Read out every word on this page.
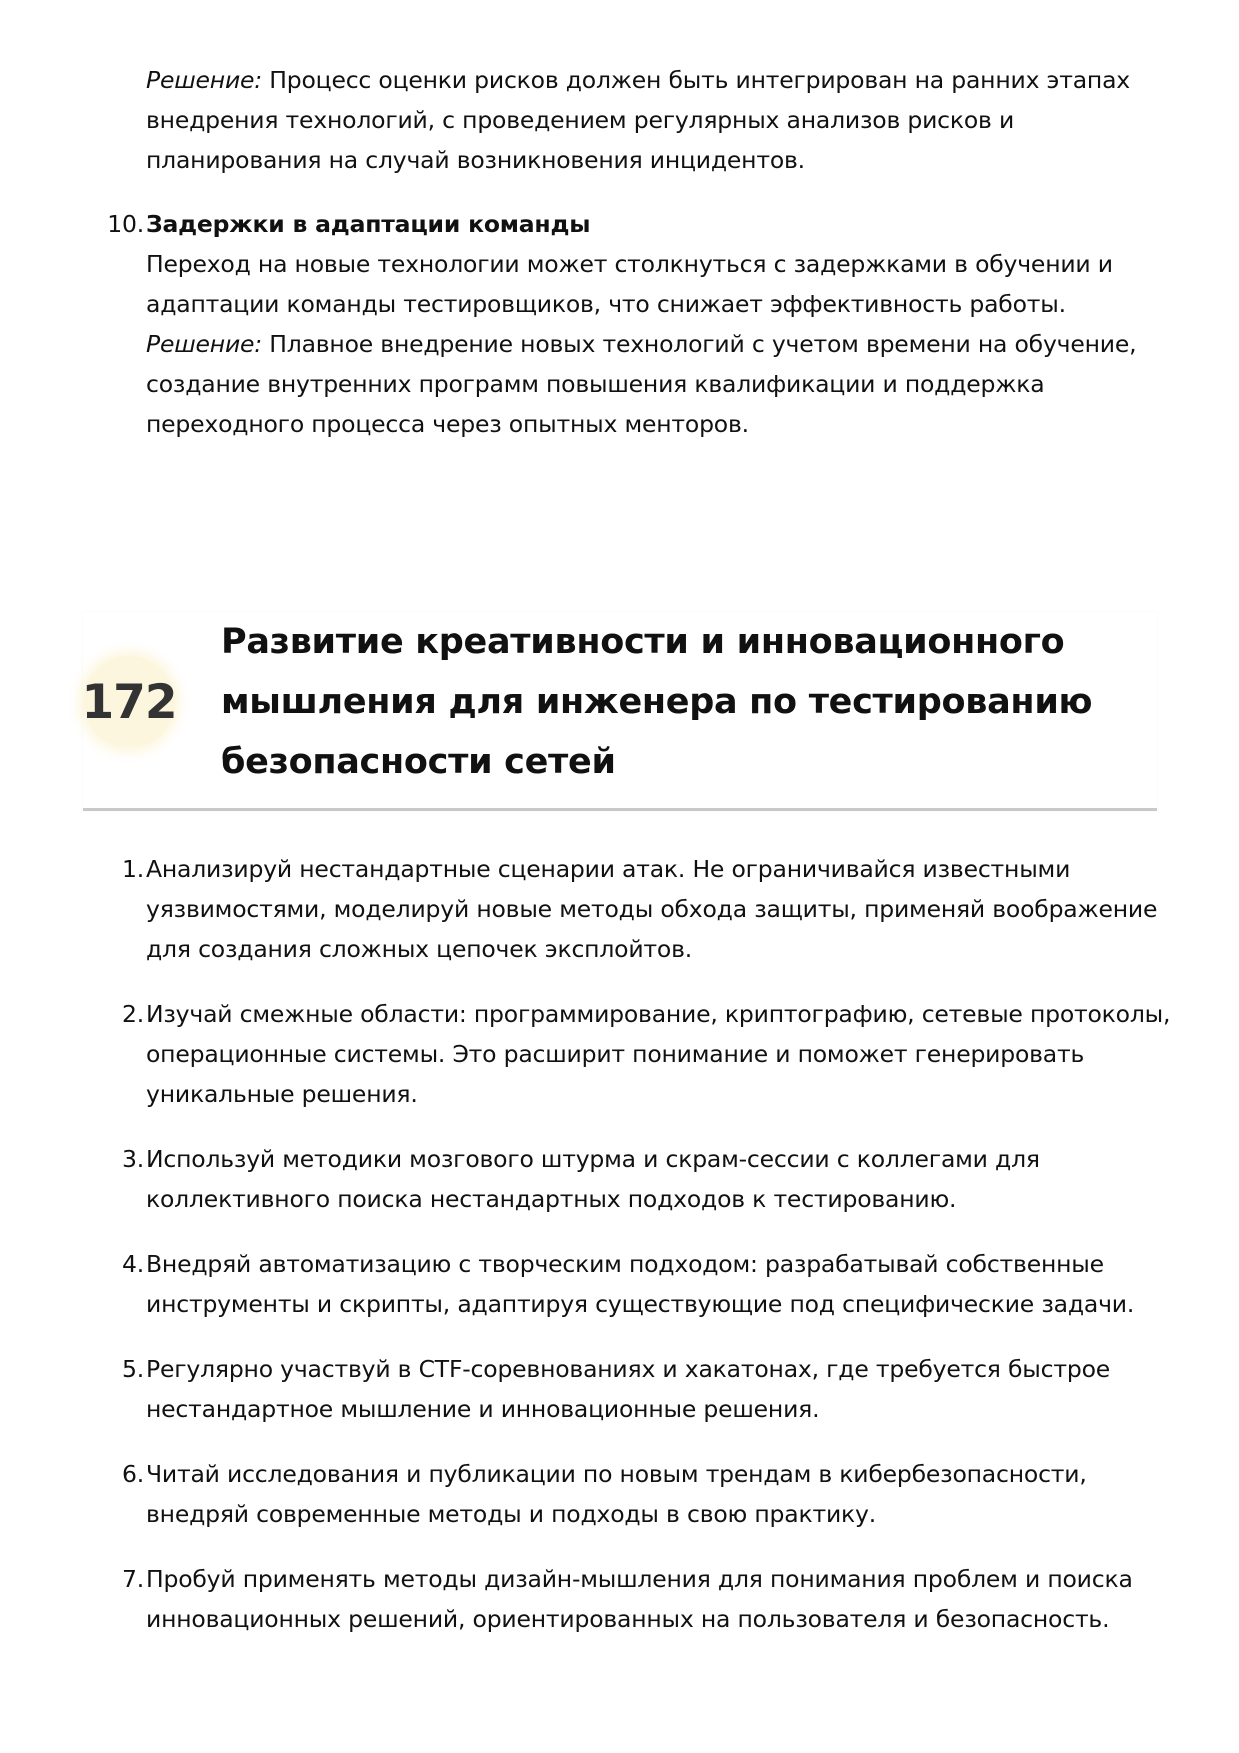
Решение: Процесс оценки рисков должен быть интегрирован на ранних этапах внедрения технологий, с проведением регулярных анализов рисков и планирования на случай возникновения инцидентов.

10. Задержки в адаптации команды

Переход на новые технологии может столкнуться с задержками в обучении и адаптации команды тестировщиков, что снижает эффективность работы.

Решение: Плавное внедрение новых технологий с учетом времени на обучение, создание внутренних программ повышения квалификации и поддержка переходного процесса через опытных менторов.

172
Развитие креативности и инновационного мышления для инженера по тестированию безопасности сетей
1. Анализируй нестандартные сценарии атак. Не ограничивайся известными уязвимостями, моделируй новые методы обхода защиты, применяй воображение для создания сложных цепочек эксплойтов.
2. Изучай смежные области: программирование, криптографию, сетевые протоколы, операционные системы. Это расширит понимание и поможет генерировать уникальные решения.
3. Используй методики мозгового штурма и скрам-сессии с коллегами для коллективного поиска нестандартных подходов к тестированию.
4. Внедряй автоматизацию с творческим подходом: разрабатывай собственные инструменты и скрипты, адаптируя существующие под специфические задачи.
5. Регулярно участвуй в CTF-соревнованиях и хакатонах, где требуется быстрое нестандартное мышление и инновационные решения.
6. Читай исследования и публикации по новым трендам в кибербезопасности, внедряй современные методы и подходы в свою практику.
7. Пробуй применять методы дизайн-мышления для понимания проблем и поиска инновационных решений, ориентированных на пользователя и безопасность.
